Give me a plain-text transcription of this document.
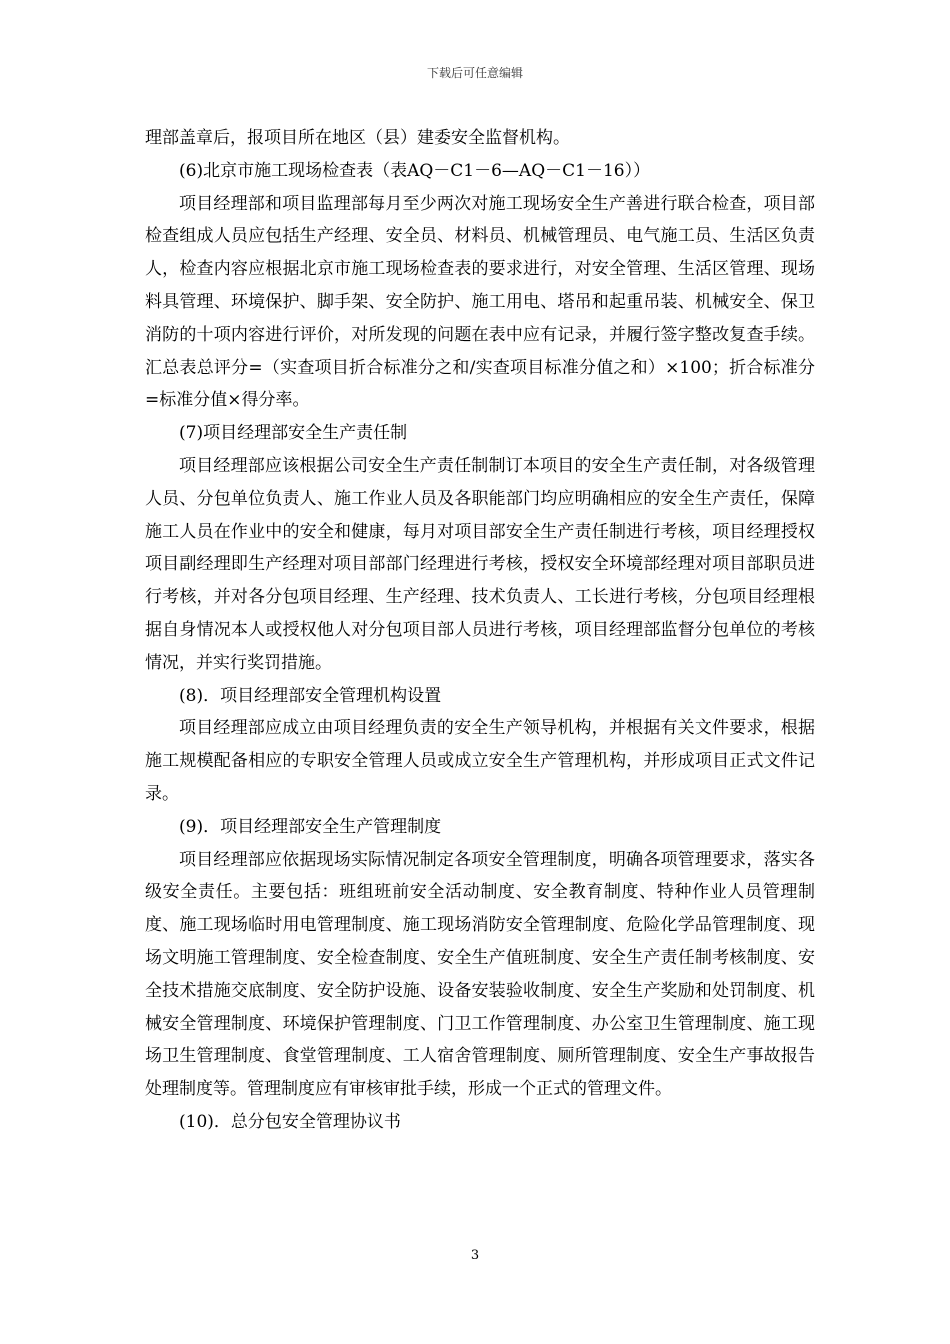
下载后可任意编辑

理部盖章后，报项目所在地区（县）建委安全监督机构。

(6)北京市施工现场检查表（表AQ－C1－6—AQ－C1－16））

项目经理部和项目监理部每月至少两次对施工现场安全生产善进行联合检查，项目部检查组成人员应包括生产经理、安全员、材料员、机械管理员、电气施工员、生活区负责人，检查内容应根据北京市施工现场检查表的要求进行，对安全管理、生活区管理、现场料具管理、环境保护、脚手架、安全防护、施工用电、塔吊和起重吊装、机械安全、保卫消防的十项内容进行评价，对所发现的问题在表中应有记录，并履行签字整改复查手续。汇总表总评分=（实查项目折合标准分之和/实查项目标准分值之和）×100；折合标准分=标准分值×得分率。

(7)项目经理部安全生产责任制

项目经理部应该根据公司安全生产责任制制订本项目的安全生产责任制，对各级管理人员、分包单位负责人、施工作业人员及各职能部门均应明确相应的安全生产责任，保障施工人员在作业中的安全和健康，每月对项目部安全生产责任制进行考核，项目经理授权项目副经理即生产经理对项目部部门经理进行考核，授权安全环境部经理对项目部职员进行考核，并对各分包项目经理、生产经理、技术负责人、工长进行考核，分包项目经理根据自身情况本人或授权他人对分包项目部人员进行考核，项目经理部监督分包单位的考核情况，并实行奖罚措施。

(8)．项目经理部安全管理机构设置

项目经理部应成立由项目经理负责的安全生产领导机构，并根据有关文件要求，根据施工规模配备相应的专职安全管理人员或成立安全生产管理机构，并形成项目正式文件记录。

(9)．项目经理部安全生产管理制度

项目经理部应依据现场实际情况制定各项安全管理制度，明确各项管理要求，落实各级安全责任。主要包括：班组班前安全活动制度、安全教育制度、特种作业人员管理制度、施工现场临时用电管理制度、施工现场消防安全管理制度、危险化学品管理制度、现场文明施工管理制度、安全检查制度、安全生产值班制度、安全生产责任制考核制度、安全技术措施交底制度、安全防护设施、设备安装验收制度、安全生产奖励和处罚制度、机械安全管理制度、环境保护管理制度、门卫工作管理制度、办公室卫生管理制度、施工现场卫生管理制度、食堂管理制度、工人宿舍管理制度、厕所管理制度、安全生产事故报告处理制度等。管理制度应有审核审批手续，形成一个正式的管理文件。

(10)．总分包安全管理协议书

3
